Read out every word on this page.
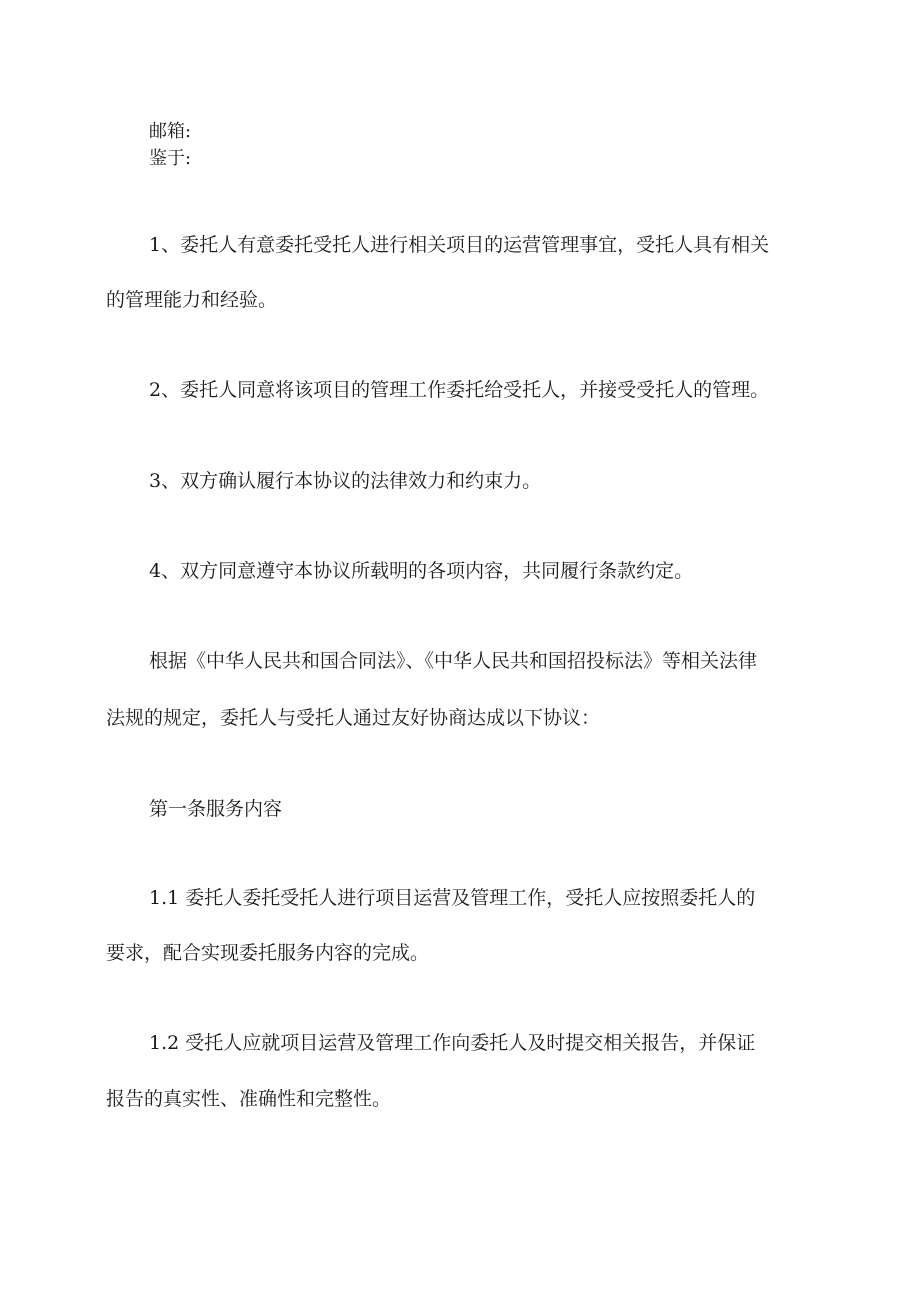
邮箱:
鉴于:
1、委托人有意委托受托人进行相关项目的运营管理事宜，受托人具有相关
的管理能力和经验。
2、委托人同意将该项目的管理工作委托给受托人，并接受受托人的管理。
3、双方确认履行本协议的法律效力和约束力。
4、双方同意遵守本协议所载明的各项内容，共同履行条款约定。
根据《中华人民共和国合同法》、《中华人民共和国招投标法》等相关法律
法规的规定，委托人与受托人通过友好协商达成以下协议：
第一条服务内容
1.1 委托人委托受托人进行项目运营及管理工作，受托人应按照委托人的
要求，配合实现委托服务内容的完成。
1.2 受托人应就项目运营及管理工作向委托人及时提交相关报告，并保证
报告的真实性、准确性和完整性。
